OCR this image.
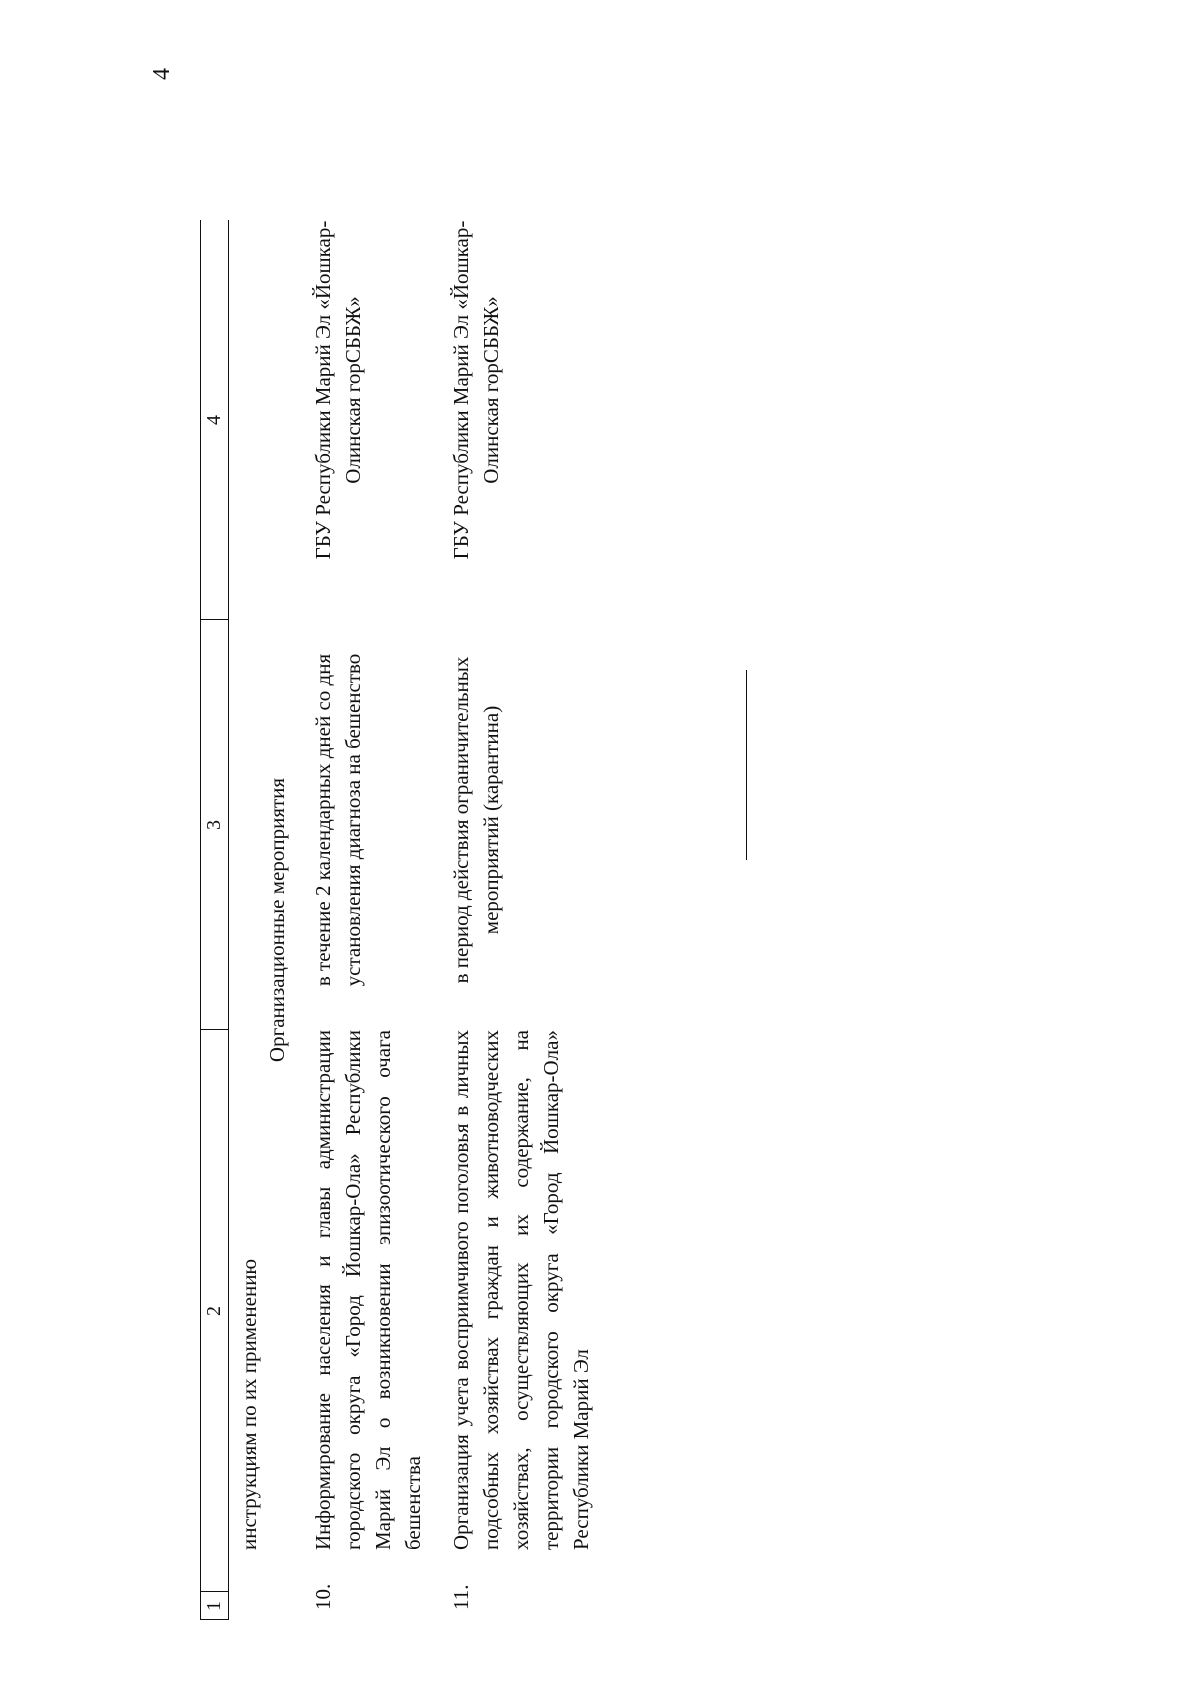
4
1
2
3
4
инструкциям по их применению
Организационные мероприятия
10.
Информирование населения и главы администрации городского округа «Город Йошкар-Ола» Республики Марий Эл о возникновении эпизоотического очага бешенства
в течение 2 календарных дней со дня установления диагноза на бешенство
ГБУ Республики Марий Эл «Йошкар-Олинская горСББЖ»
11.
Организация учета восприимчивого поголовья в личных подсобных хозяйствах граждан и животноводческих хозяйствах, осуществляющих их содержание, на территории городского округа «Город Йошкар-Ола» Республики Марий Эл
в период действия ограничительных мероприятий (карантина)
ГБУ Республики Марий Эл «Йошкар-Олинская горСББЖ»
